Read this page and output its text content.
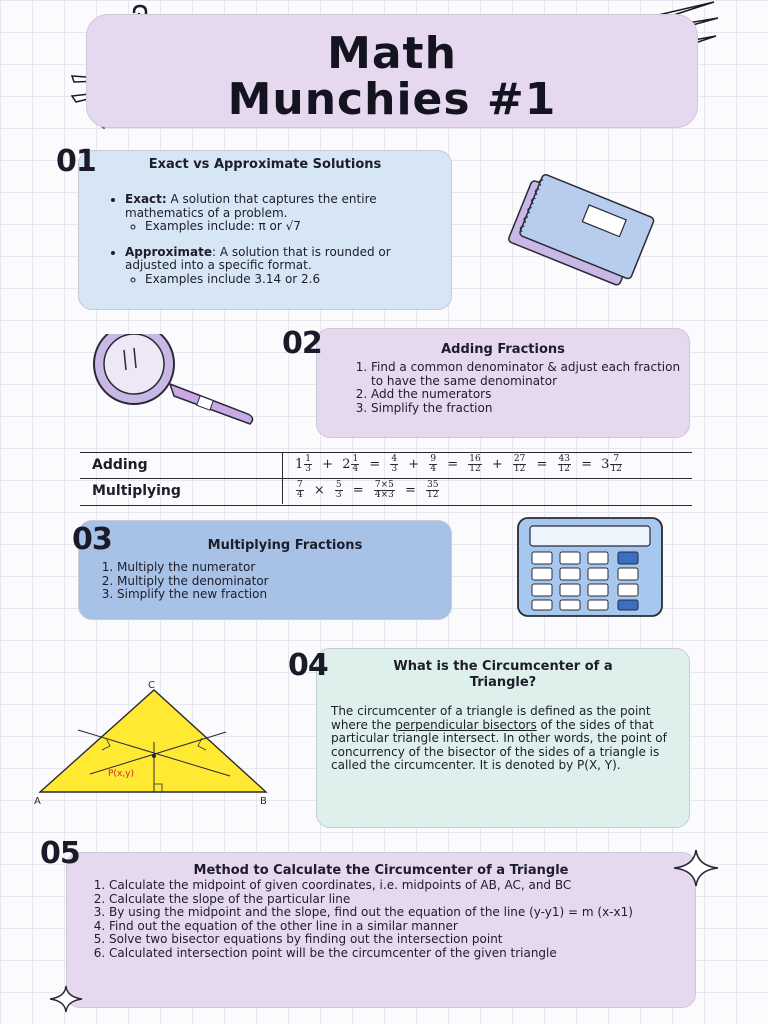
Math
Munchies #1
Exact vs Approximate Solutions
• Exact: A solution that captures the entire mathematics of a problem.
◦ Examples include: π or √7
• Approximate: A solution that is rounded or adjusted into a specific format.
◦ Examples include 3.14 or 2.6
01
Adding Fractions
1. Find a common denominator & adjust each fraction to have the same denominator
2. Add the numerators
3. Simplify the fraction
02
Adding	$1 \frac{1}{3} + 2 \frac{1}{4} = \frac{4}{3} + \frac{9}{4} = \frac{16}{12} + \frac{27}{12} = \frac{43}{12} = 3 \frac{7}{12}$
Multiplying	$\frac{7}{4} \times \frac{5}{3} = \frac{7\times 5}{4\times 3} = \frac{35}{12}$
Multiplying Fractions
1. Multiply the numerator
2. Multiply the denominator
3. Simplify the new fraction
03
C
A	B
P(x,y)
What is the Circumcenter of a Triangle?
The circumcenter of a triangle is defined as the point where the perpendicular bisectors of the sides of that particular triangle intersect. In other words, the point of concurrency of the bisector of the sides of a triangle is called the circumcenter. It is denoted by P(X, Y).
04
Method to Calculate the Circumcenter of a Triangle
1. Calculate the midpoint of given coordinates, i.e. midpoints of AB, AC, and BC
2. Calculate the slope of the particular line
3. By using the midpoint and the slope, find out the equation of the line (y-y1) = m (x-x1)
4. Find out the equation of the other line in a similar manner
5. Solve two bisector equations by finding out the intersection point
6. Calculated intersection point will be the circumcenter of the given triangle
05
